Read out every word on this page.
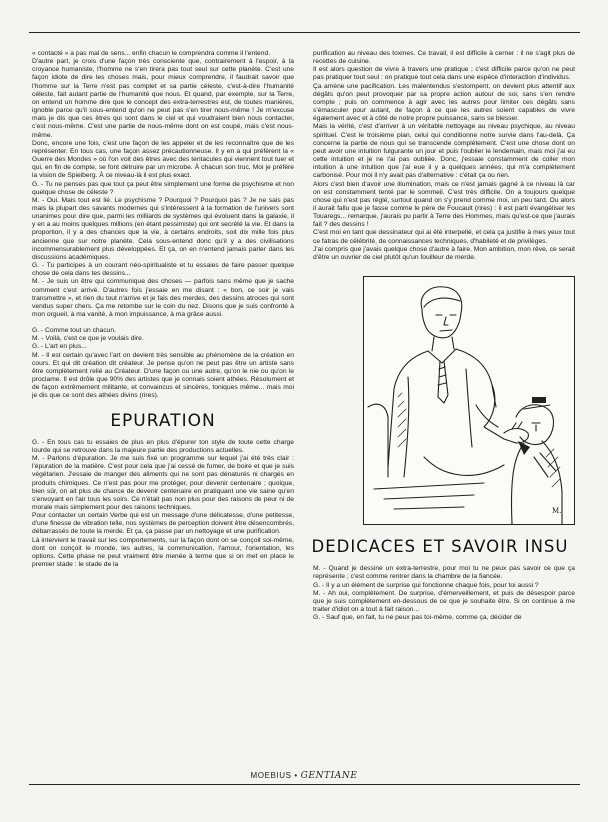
« contacté » a pas mal de sens... enfin chacun le comprendra comme il l'entend.

D'autre part, je crois d'une façon très consciente que, contrairement à l'espoir, à la croyance humaniste, l'homme ne s'en tirera pas tout seul sur cette planète. C'est une façon idiote de dire les choses mais, pour mieux comprendre, il faudrait savoir que l'homme sur la Terre n'est pas complet et sa partie céleste, c'est-à-dire l'humanité céleste, fait autant partie de l'humanité que nous. Et quand, par exemple, sur la Terre, on entend un homme dire que le concept des extra-terrestres est, de toutes manières, ignoble parce qu'il sous-entend qu'on ne peut pas s'en tirer nous-même ! Je m'excuse mais je dis que ces êtres qui sont dans le ciel et qui voudraient bien nous contacter, c'est nous-même. C'est une partie de nous-même dont on est coupé, mais c'est nous-même.

Donc, encore une fois, c'est une façon de les appeler et de les reconnaître que de les représenter. En tous cas, une façon assez précautionneuse. Il y en a qui préfèrent la « Guerre des Mondes » où l'on voit des êtres avec des tentacules qui viennent tout tuer et qui, en fin de compte, se font détruire par un microbe. À chacun son truc. Moi je préfère la vision de Spielberg. À ce niveau-là il est plus exact.

G. - Tu ne penses pas que tout ça peut être simplement une forme de psychisme et non quelque chose de céleste ?

M. - Oui. Mais tout est lié. Le psychisme ? Pourquoi ? Pourquoi pas ? Je ne sais pas mais la plupart des savants modernes qui s'intéressent à la formation de l'univers sont unanimes pour dire que, parmi les milliards de systèmes qui évoluent dans la galaxie, il y en a au moins quelques millions (en étant pessimiste) qui ont secrété la vie. Et dans la proportion, il y a des chances que la vie, à certains endroits, soit dix mille fois plus ancienne que sur notre planète. Cela sous-entend donc qu'il y a des civilisations incommensurablement plus développées. Et ça, on en n'entend jamais parler dans les discussions académiques.

G. - Tu participes à un courant néo-spiritualiste et tu essaies de faire passer quelque chose de cela dans tes dessins...

M. - Je suis un être qui communique des choses — parfois sans même que je sache comment c'est arrivé. D'autres fois j'essaie en me disant : « bon, ce soir je vais transmettre », et rien du tout n'arrive et je fais des merdes, des dessins atroces qui sont vendus super chers. Ça me retombe sur le coin du nez. Disons que je suis confronté à mon orgueil, à ma vanité, à mon impuissance, à ma grâce aussi.

G. - Comme tout un chacun.

M. - Voilà, c'est ce que je voulais dire.

G. - L'art en plus...

M. - Il est certain qu'avec l'art on devient très sensible au phénomène de la création en cours. Et qui dit création dit créateur. Je pense qu'on ne peut pas être un artiste sans être complètement relié au Créateur. D'une façon ou une autre, qu'on le nie ou qu'on le proclame. Il est drôle que 90% des artistes que je connais soient athées. Résolument et de façon extrêmement militante, et convaincus et sincères, toniques même... mais moi je dis que ce sont des athées divins (rires).

EPURATION

G. - En tous cas tu essaies de plus en plus d'épurer ton style de toute cette charge lourde qui se retrouve dans la majeure partie des productions actuelles.

M. - Parlons d'épuration. Je me suis fixé un programme sur lequel j'ai été très clair : l'épuration de la matière. C'est pour cela que j'ai cessé de fumer, de boire et que je suis végétarien. J'essaie de manger des aliments qui ne sont pas dénaturés ni chargés en produits chimiques. Ce n'est pas pour me protéger, pour devenir centenaire ; quoique, bien sûr, on ait plus de chance de devenir centenaire en pratiquant une vie saine qu'en s'envoyant en l'air tous les soirs. Ce n'était pas non plus pour des raisons de peur ni de morale mais simplement pour des raisons techniques.

Pour contacter un certain Verbe qui est un message d'une délicatesse, d'une petitesse, d'une finesse de vibration telle, nos systèmes de perception doivent être désencombrés, débarrassés de toute la merde. Et ça, ça passe par un nettoyage et une purification.

Là intervient le travail sur les comportements, sur la façon dont on se conçoit soi-même, dont on conçoit le monde, les autres, la communication, l'amour, l'orientation, les options. Cette phase ne peut vraiment être menée à terme que si on met en place le premier stade : le stade de la

purification au niveau des toxines. Ce travail, il est difficile à cerner : il ne s'agit plus de recettes de cuisine.

Il est alors question de vivre à travers une pratique ; c'est difficile parce qu'on ne peut pas pratiquer tout seul : on pratique tout cela dans une espèce d'interaction d'individus.

Ça amène une pacification. Les malentendus s'estompent, on devient plus attentif aux dégâts qu'on peut provoquer par sa propre action autour de soi, sans s'en rendre compte ; puis on commence à agir avec les autres pour limiter ces dégâts sans s'émasculer pour autant, de façon à ce que les autres soient capables de vivre également avec et à côté de notre propre puissance, sans se blesser.

Mais la vérité, c'est d'arriver à un véritable nettoyage au niveau psychique, au niveau spirituel. C'est le troisième plan, celui qui conditionne notre survie dans l'au-delà. Ça concerne la partie de nous qui se transcende complètement. C'est une chose dont on peut avoir une intuition fulgurante un jour et puis l'oublier le lendemain, mais moi j'ai eu cette intuition et je ne l'ai pas oubliée. Donc, j'essaie constamment de coller mon intuition à une intuition que j'ai eue il y a quelques années, qui m'a complètement carbonisé. Pour moi il n'y avait pas d'alternative : c'était ça ou rien.

Alors c'est bien d'avoir une illumination, mais ce n'est jamais gagné à ce niveau là car on est constamment tenté par le sommeil. C'est très difficile. On a toujours quelque chose qui n'est pas réglé, surtout quand on s'y prend comme moi, un peu tard. Ou alors il aurait fallu que je fasse comme le père de Foucault (rires) : il est parti évangéliser les Touaregs... remarque, j'aurais pu partir à Terre des Hommes, mais qu'est-ce que j'aurais fait ? des dessins !

C'est moi en tant que dessinateur qui ai été interpellé, et cela ça justifie à mes yeux tout ce fatras de célébrité, de connaissances techniques, d'habileté et de privilèges.

J'ai compris que j'avais quelque chose d'autre à faire. Mon ambition, mon rêve, ce serait d'être un ouvrier de ciel plutôt qu'un fouilleur de merde.

M.
DEDICACES ET SAVOIR INSU

M. - Quand je dessine un extra-terrestre, pour moi tu ne peux pas savoir ce que ça représente ; c'est comme rentrer dans la chambre de la fiancée.

G. - Il y a un élément de surprise qui fonctionne chaque fois, pour toi aussi ?

M. - Ah oui, complètement. De surprise, d'émerveillement, et puis de désespoir parce que je suis complètement en-dessous de ce que je souhaite être. Si on continue à me traiter d'idiot on a tout à fait raison...

G. - Sauf que, en fait, tu ne peux pas toi-même, comme ça, décider de

MOEBIUS • GENTIANE
